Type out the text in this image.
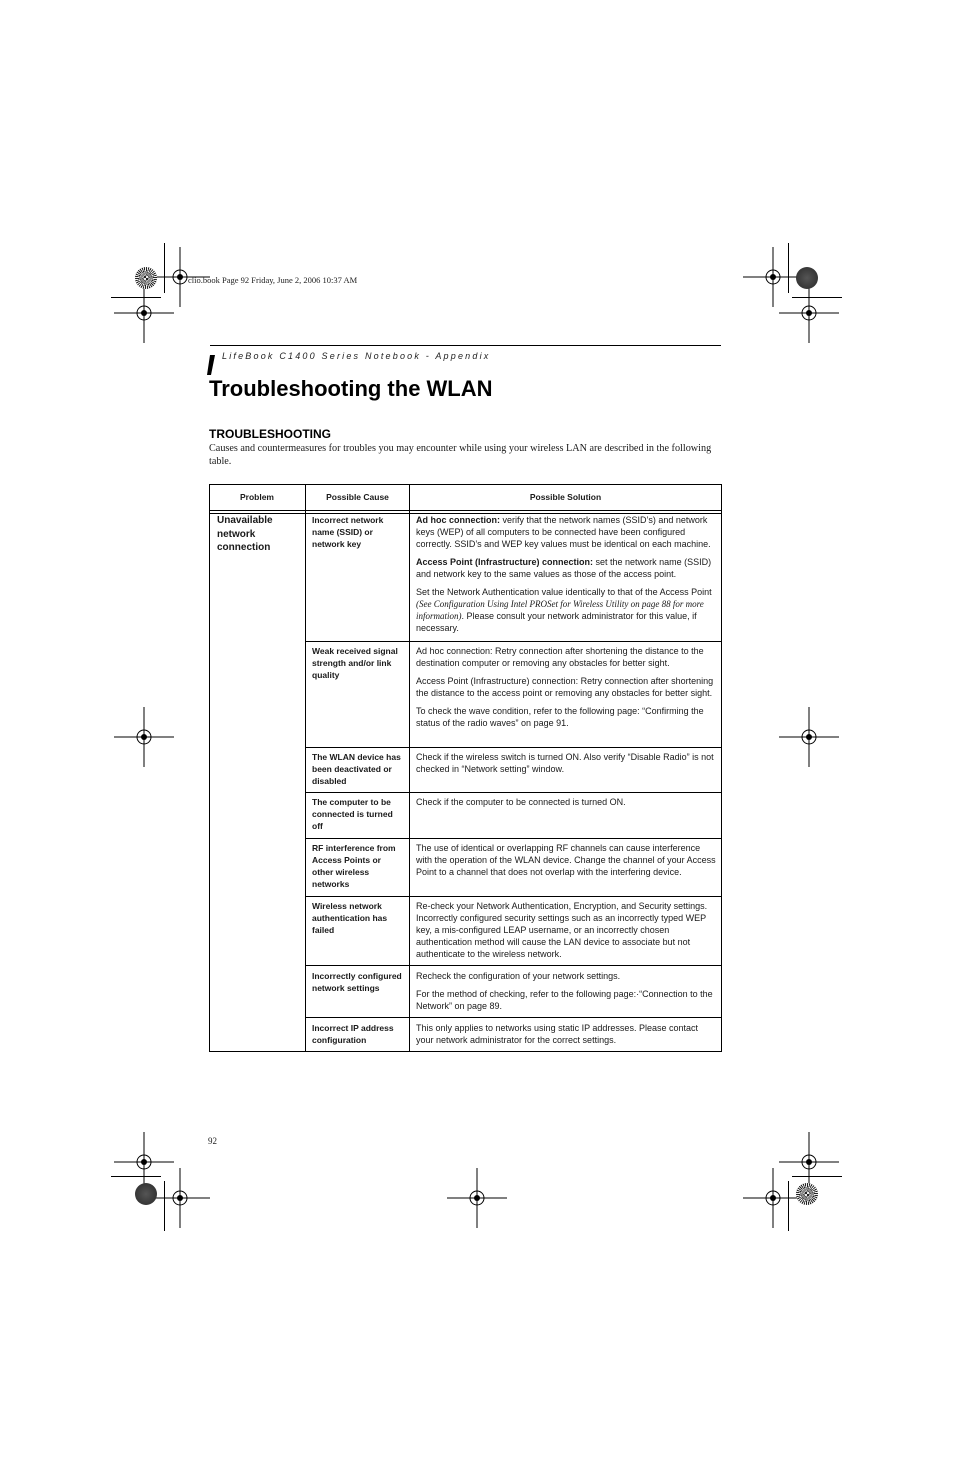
clio.book Page 92 Friday, June 2, 2006 10:37 AM
LifeBook C1400 Series Notebook - Appendix
Troubleshooting the WLAN
TROUBLESHOOTING

Causes and countermeasures for troubles you may encounter while using your wireless LAN are described in the following table.

Problem	Possible Cause	Possible Solution
Unavailable network connection
Incorrect network name (SSID) or network key

Ad hoc connection: verify that the network names (SSID’s) and network keys (WEP) of all computers to be connected have been configured correctly. SSID’s and WEP key values must be identical on each machine.

Access Point (Infrastructure) connection: set the network name (SSID) and network key to the same values as those of the access point.

Set the Network Authentication value identically to that of the Access Point (See Configuration Using Intel PROSet for Wireless Utility on page 88 for more information). Please consult your network administrator for this value, if necessary.

Weak received signal strength and/or link quality

Ad hoc connection: Retry connection after shortening the distance to the destination computer or removing any obstacles for better sight.

Access Point (Infrastructure) connection: Retry connection after shortening the distance to the access point or removing any obstacles for better sight.

To check the wave condition, refer to the following page: “Confirming the status of the radio waves” on page 91.

The WLAN device has been deactivated or disabled

Check if the wireless switch is turned ON. Also verify “Disable Radio” is not checked in “Network setting” window.

The computer to be connected is turned off

Check if the computer to be connected is turned ON.

RF interference from Access Points or other wireless networks

The use of identical or overlapping RF channels can cause interference with the operation of the WLAN device. Change the channel of your Access Point to a channel that does not overlap with the interfering device.

Wireless network authentication has failed

Re-check your Network Authentication, Encryption, and Security settings. Incorrectly configured security settings such as an incorrectly typed WEP key, a mis-configured LEAP username, or an incorrectly chosen authentication method will cause the LAN device to associate but not authenticate to the wireless network.

Incorrectly configured network settings

Recheck the configuration of your network settings.

For the method of checking, refer to the following page:·“Connection to the Network” on page 89.

Incorrect IP address configuration

This only applies to networks using static IP addresses. Please contact your network administrator for the correct settings.

92
